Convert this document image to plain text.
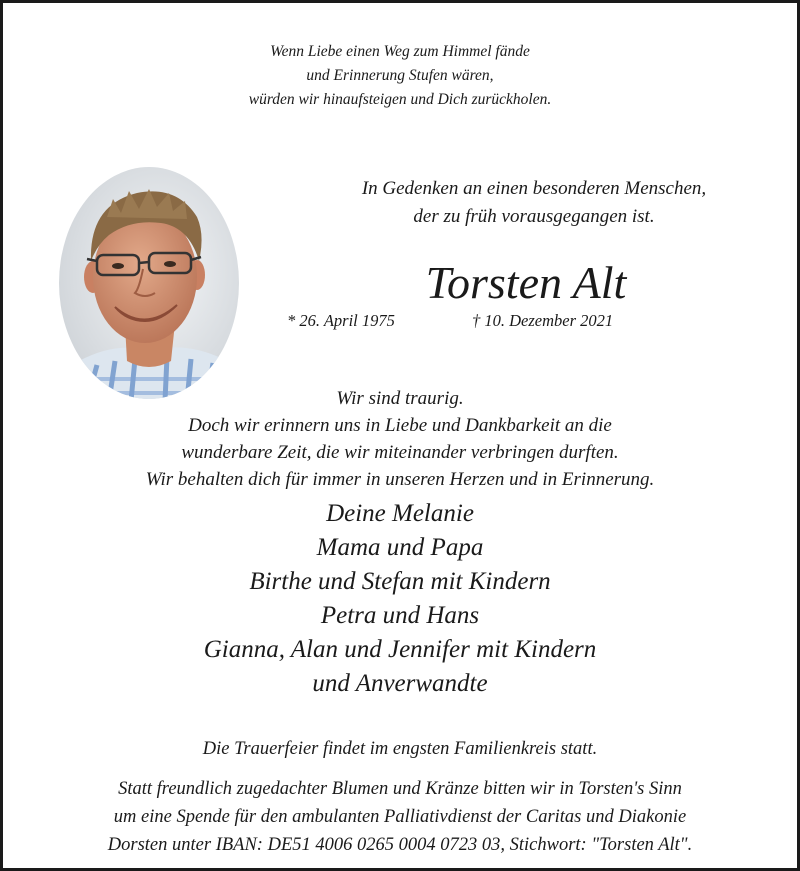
Wenn Liebe einen Weg zum Himmel fände
und Erinnerung Stufen wären,
würden wir hinaufsteigen und Dich zurückholen.
In Gedenken an einen besonderen Menschen,
der zu früh vorausgegangen ist.
Torsten Alt
* 26. April 1975	† 10. Dezember 2021
Wir sind traurig.
Doch wir erinnern uns in Liebe und Dankbarkeit an die
wunderbare Zeit, die wir miteinander verbringen durften.
Wir behalten dich für immer in unseren Herzen und in Erinnerung.
Deine Melanie
Mama und Papa
Birthe und Stefan mit Kindern
Petra und Hans
Gianna, Alan und Jennifer mit Kindern
und Anverwandte
Die Trauerfeier findet im engsten Familienkreis statt.
Statt freundlich zugedachter Blumen und Kränze bitten wir in Torsten's Sinn
um eine Spende für den ambulanten Palliativdienst der Caritas und Diakonie
Dorsten unter IBAN: DE51 4006 0265 0004 0723 03, Stichwort: "Torsten Alt".
